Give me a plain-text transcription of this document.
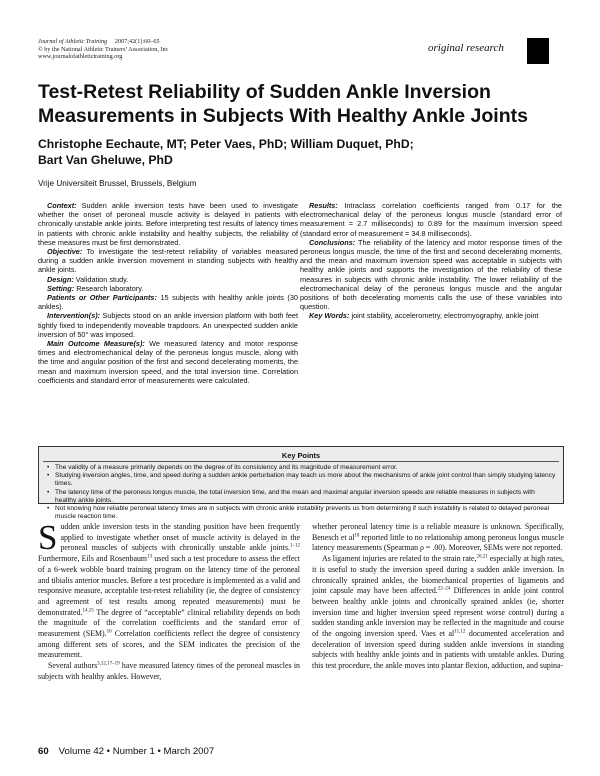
Journal of Athletic Training 2007;42(1):60–65
© by the National Athletic Trainers’ Association, Inc
www.journalofathletictraining.org
original research
Test-Retest Reliability of Sudden Ankle Inversion Measurements in Subjects With Healthy Ankle Joints
Christophe Eechaute, MT; Peter Vaes, PhD; William Duquet, PhD;
Bart Van Gheluwe, PhD
Vrije Universiteit Brussel, Brussels, Belgium

Context: Sudden ankle inversion tests have been used to investigate whether the onset of peroneal muscle activity is delayed in patients with chronically unstable ankle joints. Before interpreting test results of latency times in patients with chronic ankle instability and healthy subjects, the reliability of these measures must be first demonstrated.

Objective: To investigate the test-retest reliability of variables measured during a sudden ankle inversion movement in standing subjects with healthy ankle joints.

Design: Validation study.

Setting: Research laboratory.

Patients or Other Participants: 15 subjects with healthy ankle joints (30 ankles).

Intervention(s): Subjects stood on an ankle inversion platform with both feet tightly fixed to independently moveable trapdoors. An unexpected sudden ankle inversion of 50° was imposed.

Main Outcome Measure(s): We measured latency and motor response times and electromechanical delay of the peroneus longus muscle, along with the time and angular position of the first and second decelerating moments, the mean and maximum inversion speed, and the total inversion time. Correlation coefficients and standard error of measurements were calculated.

Results: Intraclass correlation coefficients ranged from 0.17 for the electromechanical delay of the peroneus longus muscle (standard error of measurement = 2.7 milliseconds) to 0.89 for the maximum inversion speed (standard error of measurement = 34.8 milliseconds).

Conclusions: The reliability of the latency and motor response times of the peroneus longus muscle, the time of the first and second decelerating moments, and the mean and maximum inversion speed was acceptable in subjects with healthy ankle joints and supports the investigation of the reliability of these measures in subjects with chronic ankle instability. The lower reliability of the electromechanical delay of the peroneus longus muscle and the angular positions of both decelerating moments calls the use of these variables into question.

Key Words: joint stability, accelerometry, electromyography, ankle joint

Key Points
• The validity of a measure primarily depends on the degree of its consistency and its magnitude of measurement error.
• Studying inversion angles, time, and speed during a sudden ankle perturbation may teach us more about the mechanisms of ankle joint control than simply studying latency times.
• The latency time of the peroneus longus muscle, the total inversion time, and the mean and maximal angular inversion speeds are reliable measures in subjects with healthy ankle joints.
• Not knowing how reliable peroneal latency times are in subjects with chronic ankle instability prevents us from determining if such instability is related to delayed peroneal muscle reaction time.

Sudden ankle inversion tests in the standing position have been frequently applied to investigate whether onset of muscle activity is delayed in the peroneal muscles of subjects with chronically unstable ankle joints.$^{1-12}$ Furthermore, Eils and Rosenbaum$^{13}$ used such a test procedure to assess the effect of a 6-week wobble board training program on the latency time of the peroneal and tibialis anterior muscles. Before a test procedure is implemented as a valid and responsive measure, acceptable test-retest reliability (ie, the degree of consistency and agreement of test results among repeated measurements) must be demonstrated.$^{14,15}$ The degree of “acceptable” clinical reliability depends on both the magnitude of the correlation coefficients and the standard error of measurement (SEM).$^{16}$ Correlation coefficients reflect the degree of consistency among different sets of scores, and the SEM indicates the precision of the measurement.

Several authors$^{3,12,17-19}$ have measured latency times of the peroneal muscles in subjects with healthy ankles. However,

whether peroneal latency time is a reliable measure is unknown. Specifically, Benesch et $al^{18}$ reported little to no relationship among peroneus longus muscle latency measurements (Spearman ρ = .00). Moreover, SEMs were not reported.

As ligament injuries are related to the strain rate,$^{20,21}$ especially at high rates, it is useful to study the inversion speed during a sudden ankle inversion. In chronically sprained ankles, the biomechanical properties of ligaments and joint capsule may have been affected.$^{22-24}$ Differences in ankle joint control between healthy ankle joints and chronically sprained ankles (ie, shorter inversion time and higher inversion speed represent worse control) during a sudden standing ankle inversion may be reflected in the magnitude and course of the ongoing inversion speed. Vaes et al$^{11,12}$ documented acceleration and deceleration of inversion speed during sudden ankle inversions in standing subjects with healthy ankle joints and in patients with unstable ankles. During this test procedure, the ankle moves into plantar flexion, adduction, and supina-

60 Volume 42 • Number 1 • March 2007
